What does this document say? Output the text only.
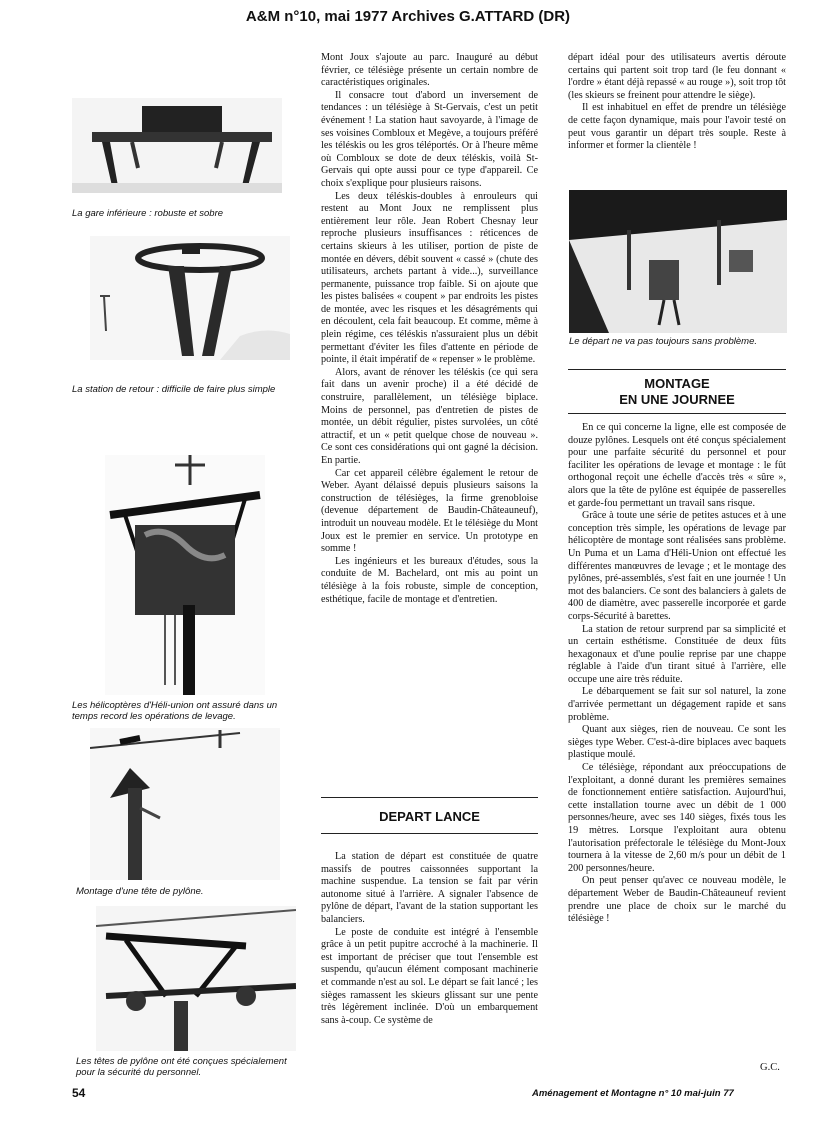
A&M n°10, mai 1977 Archives G.ATTARD (DR)
La gare inférieure : robuste et sobre
La station de retour : difficile de faire plus simple
Les hélicoptères d'Héli-union ont assuré dans un temps record les opérations de levage.
Montage d'une tête de pylône.
Les têtes de pylône ont été conçues spécialement pour la sécurité du personnel.

Mont Joux s'ajoute au parc. Inauguré au début février, ce télésiège présente un certain nombre de caractéristiques originales.

Il consacre tout d'abord un inversement de tendances : un télésiège à St-Gervais, c'est un petit événement ! La station haut savoyarde, à l'image de ses voisines Combloux et Megève, a toujours préféré les téléskis ou les gros téléportés. Or à l'heure même où Combloux se dote de deux téléskis, voilà St-Gervais qui opte aussi pour ce type d'appareil. Ce choix s'explique pour plusieurs raisons.

Les deux téléskis-doubles à enrouleurs qui restent au Mont Joux ne remplissent plus entièrement leur rôle. Jean Robert Chesnay leur reproche plusieurs insuffisances : réticences de certains skieurs à les utiliser, portion de piste de montée en dévers, débit souvent « cassé » (chute des utilisateurs, archets partant à vide...), surveillance permanente, puissance trop faible. Si on ajoute que les pistes balisées « coupent » par endroits les pistes de montée, avec les risques et les désagréments qui en découlent, cela fait beaucoup. Et comme, même à plein régime, ces téléskis n'assuraient plus un débit permettant d'éviter les files d'attente en période de pointe, il était impératif de « repenser » le problème.

Alors, avant de rénover les téléskis (ce qui sera fait dans un avenir proche) il a été décidé de construire, parallèlement, un télésiège biplace. Moins de personnel, pas d'entretien de pistes de montée, un débit régulier, pistes survolées, un côté attractif, et un « petit quelque chose de nouveau ». Ce sont ces considérations qui ont gagné la décision. En partie.

Car cet appareil célèbre également le retour de Weber. Ayant délaissé depuis plusieurs saisons la construction de télésièges, la firme grenobloise (devenue département de Baudin-Châteauneuf), introduit un nouveau modèle. Et le télésiège du Mont Joux est le premier en service. Un prototype en somme !

Les ingénieurs et les bureaux d'études, sous la conduite de M. Bachelard, ont mis au point un télésiège à la fois robuste, simple de conception, esthétique, facile de montage et d'entretien.

DEPART LANCE

La station de départ est constituée de quatre massifs de poutres caissonnées supportant la machine suspendue. La tension se fait par vérin autonome situé à l'arrière. A signaler l'absence de pylône de départ, l'avant de la station supportant les balanciers.

Le poste de conduite est intégré à l'ensemble grâce à un petit pupitre accroché à la machinerie. Il est important de préciser que tout l'ensemble est suspendu, qu'aucun élément composant machinerie et commande n'est au sol. Le départ se fait lancé ; les sièges ramassent les skieurs glissant sur une pente très légèrement inclinée. D'où un embarquement sans à-coup. Ce système de

départ idéal pour des utilisateurs avertis déroute certains qui partent soit trop tard (le feu donnant « l'ordre » étant déjà repassé « au rouge »), soit trop tôt (les skieurs se freinent pour attendre le siège).

Il est inhabituel en effet de prendre un télésiège de cette façon dynamique, mais pour l'avoir testé on peut vous garantir un départ très souple. Reste à informer et former la clientèle !

Le départ ne va pas toujours sans problème.
MONTAGE
EN UNE JOURNEE

En ce qui concerne la ligne, elle est composée de douze pylônes. Lesquels ont été conçus spécialement pour une parfaite sécurité du personnel et pour faciliter les opérations de levage et montage : le fût orthogonal reçoit une échelle d'accès très « sûre », alors que la tête de pylône est équipée de passerelles et garde-fou permettant un travail sans risque.

Grâce à toute une série de petites astuces et à une conception très simple, les opérations de levage par hélicoptère de montage sont réalisées sans problème. Un Puma et un Lama d'Héli-Union ont effectué les différentes manœuvres de levage ; et le montage des pylônes, pré-assemblés, s'est fait en une journée ! Un mot des balanciers. Ce sont des balanciers à galets de 400 de diamètre, avec passerelle incorporée et garde corps-Sécurité à barettes.

La station de retour surprend par sa simplicité et un certain esthétisme. Constituée de deux fûts hexagonaux et d'une poulie reprise par une chappe réglable à l'aide d'un tirant situé à l'arrière, elle occupe une aire très réduite.

Le débarquement se fait sur sol naturel, la zone d'arrivée permettant un dégagement rapide et sans problème.

Quant aux sièges, rien de nouveau. Ce sont les sièges type Weber. C'est-à-dire biplaces avec baquets plastique moulé.

Ce télésiège, répondant aux préoccupations de l'exploitant, a donné durant les premières semaines de fonctionnement entière satisfaction. Aujourd'hui, cette installation tourne avec un débit de 1 000 personnes/heure, avec ses 140 sièges, fixés tous les 19 mètres. Lorsque l'exploitant aura obtenu l'autorisation préfectorale le télésiège du Mont-Joux tournera à la vitesse de 2,60 m/s pour un débit de 1 200 personnes/heure.

On peut penser qu'avec ce nouveau modèle, le département Weber de Baudin-Châteauneuf revient prendre une place de choix sur le marché du télésiège !

G.C.
54	Aménagement et Montagne n° 10 mai-juin 77
